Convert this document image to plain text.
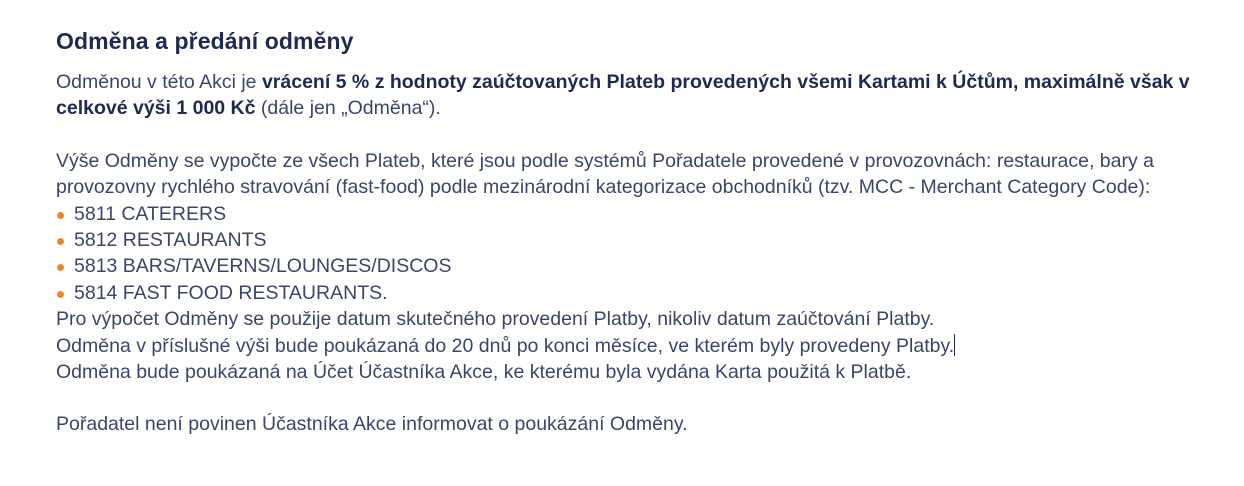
Odměna a předání odměny

Odměnou v této Akci je vrácení 5 % z hodnoty zaúčtovaných Plateb provedených všemi Kartami k Účtům, maximálně však v celkové výši 1 000 Kč (dále jen „Odměna“).

Výše Odměny se vypočte ze všech Plateb, které jsou podle systémů Pořadatele provedené v provozovnách: restaurace, bary a provozovny rychlého stravování (fast-food) podle mezinárodní kategorizace obchodníků (tzv. MCC - Merchant Category Code):

5811 CATERERS
5812 RESTAURANTS
5813 BARS/TAVERNS/LOUNGES/DISCOS
5814 FAST FOOD RESTAURANTS.

Pro výpočet Odměny se použije datum skutečného provedení Platby, nikoliv datum zaúčtování Platby.

Odměna v příslušné výši bude poukázaná do 20 dnů po konci měsíce, ve kterém byly provedeny Platby.

Odměna bude poukázaná na Účet Účastníka Akce, ke kterému byla vydána Karta použitá k Platbě.

Pořadatel není povinen Účastníka Akce informovat o poukázání Odměny.
